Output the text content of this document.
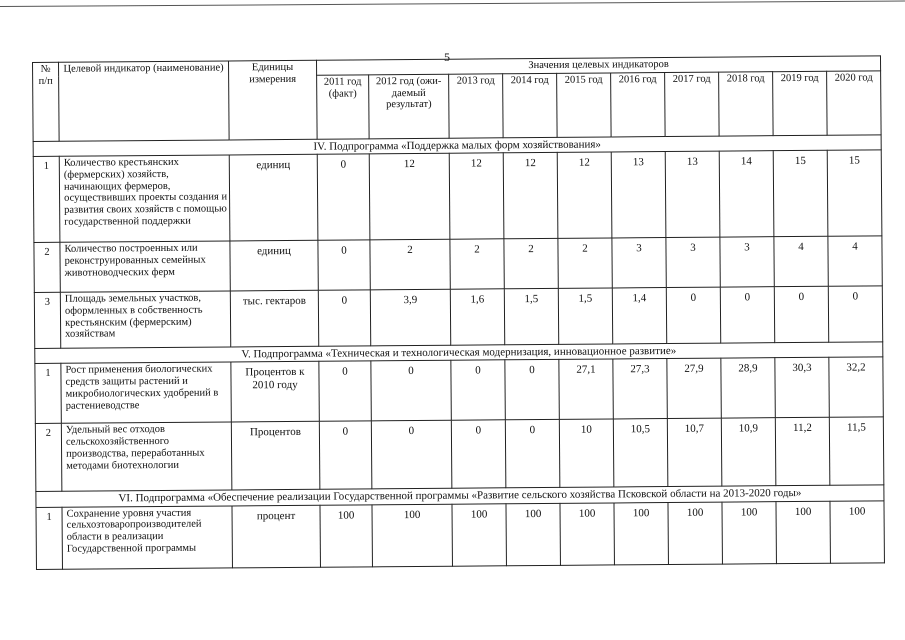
5
№ п/п	Целевой индикатор (наименование)	Единицы измерения	Значения целевых индикаторов									
			2011 год (факт)	2012 год (ожи-даемый результат)	2013 год	2014 год	2015 год	2016 год	2017 год	2018 год	2019 год	2020 год
IV. Подпрограмма «Поддержка малых форм хозяйствования»												
1	Количество крестьянских (фермерских) хозяйств, начинающих фермеров, осуществивших проекты создания и развития своих хозяйств с помощью государственной поддержки	единиц	0	12	12	12	12	13	13	14	15	15
2	Количество построенных или реконструированных семейных животноводческих ферм	единиц	0	2	2	2	2	3	3	3	4	4
3	Площадь земельных участков, оформленных в собственность крестьянским (фермерским) хозяйствам	тыс. гектаров	0	3,9	1,6	1,5	1,5	1,4	0	0	0	0
V. Подпрограмма «Техническая и технологическая модернизация, инновационное развитие»												
1	Рост применения биологических средств защиты растений и микробиологических удобрений в растениеводстве	Процентов к 2010 году	0	0	0	0	27,1	27,3	27,9	28,9	30,3	32,2
2	Удельный вес отходов сельскохозяйственного производства, переработанных методами биотехнологии	Процентов	0	0	0	0	10	10,5	10,7	10,9	11,2	11,5
VI. Подпрограмма «Обеспечение реализации Государственной программы «Развитие сельского хозяйства Псковской области на 2013-2020 годы»												
1	Сохранение уровня участия сельхозтоваропроизводителей области в реализации Государственной программы	процент	100	100	100	100	100	100	100	100	100	100
